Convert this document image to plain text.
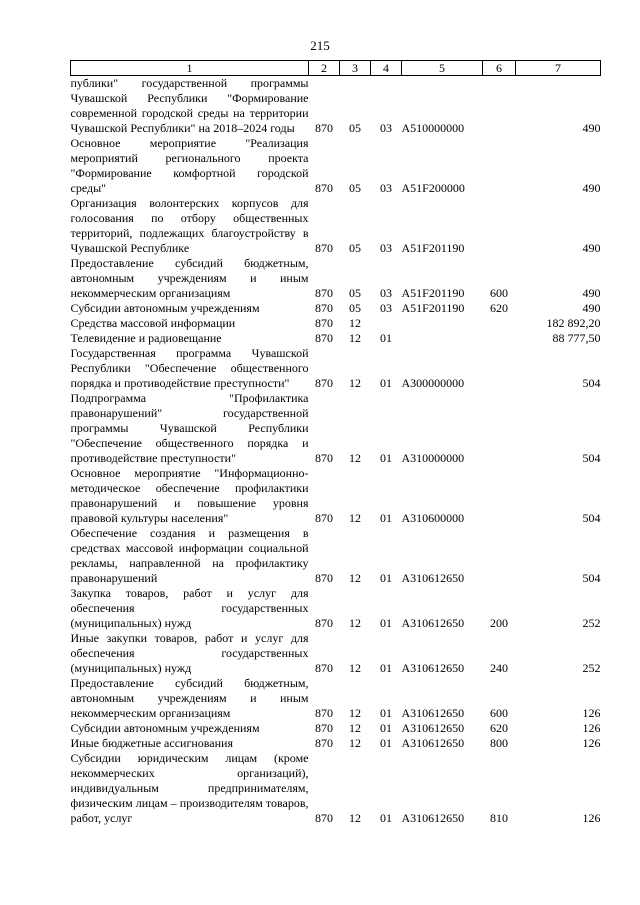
215
1	2	3	4	5	6	7
публики" государственной программы Чувашской Республики "Формирование современной городской среды на территории Чувашской Республики" на 2018–2024 годы	870	05	03	A510000000		490
Основное мероприятие "Реализация мероприятий регионального проекта "Формирование комфортной городской среды"	870	05	03	A51F200000		490
Организация волонтерских корпусов для голосования по отбору общественных территорий, подлежащих благоустройству в Чувашской Республике	870	05	03	A51F201190		490
Предоставление субсидий бюджетным, автономным учреждениям и иным некоммерческим организациям	870	05	03	A51F201190	600	490
Субсидии автономным учреждениям	870	05	03	A51F201190	620	490
Средства массовой информации	870	12				182 892,20
Телевидение и радиовещание	870	12	01			88 777,50
Государственная программа Чувашской Республики "Обеспечение общественного порядка и противодействие преступности"	870	12	01	A300000000		504
Подпрограмма "Профилактика правонарушений" государственной программы Чувашской Республики "Обеспечение общественного порядка и противодействие преступности"	870	12	01	A310000000		504
Основное мероприятие "Информационно-методическое обеспечение профилактики правонарушений и повышение уровня правовой культуры населения"	870	12	01	A310600000		504
Обеспечение создания и размещения в средствах массовой информации социальной рекламы, направленной на профилактику правонарушений	870	12	01	A310612650		504
Закупка товаров, работ и услуг для обеспечения государственных (муниципальных) нужд	870	12	01	A310612650	200	252
Иные закупки товаров, работ и услуг для обеспечения государственных (муниципальных) нужд	870	12	01	A310612650	240	252
Предоставление субсидий бюджетным, автономным учреждениям и иным некоммерческим организациям	870	12	01	A310612650	600	126
Субсидии автономным учреждениям	870	12	01	A310612650	620	126
Иные бюджетные ассигнования	870	12	01	A310612650	800	126
Субсидии юридическим лицам (кроме некоммерческих организаций), индивидуальным предпринимателям, физическим лицам – производителям товаров, работ, услуг	870	12	01	A310612650	810	126
